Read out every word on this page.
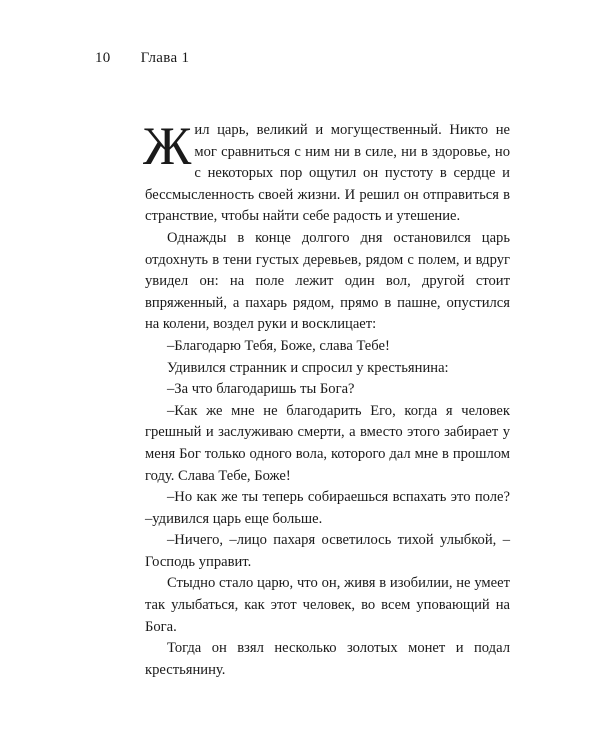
10 Глава 1

Жил царь, великий и могущественный. Никто не мог сравниться с ним ни в силе, ни в здоровье, но с некоторых пор ощутил он пустоту в сердце и бессмысленность своей жизни. И решил он отправиться в странствие, чтобы найти себе радость и утешение.

Однажды в конце долгого дня остановился царь отдохнуть в тени густых деревьев, рядом с полем, и вдруг увидел он: на поле лежит один вол, другой стоит впряженный, а пахарь рядом, прямо в пашне, опустился на колени, воздел руки и восклицает:

–Благодарю Тебя, Боже, слава Тебе!

Удивился странник и спросил у крестьянина:

–За что благодаришь ты Бога?

–Как же мне не благодарить Его, когда я человек грешный и заслуживаю смерти, а вместо этого забирает у меня Бог только одного вола, которого дал мне в прошлом году. Слава Тебе, Боже!

–Но как же ты теперь собираешься вспахать это поле? –удивился царь еще больше.

–Ничего, –лицо пахаря осветилось тихой улыбкой, –Господь управит.

Стыдно стало царю, что он, живя в изобилии, не умеет так улыбаться, как этот человек, во всем уповающий на Бога.

Тогда он взял несколько золотых монет и подал крестьянину.
